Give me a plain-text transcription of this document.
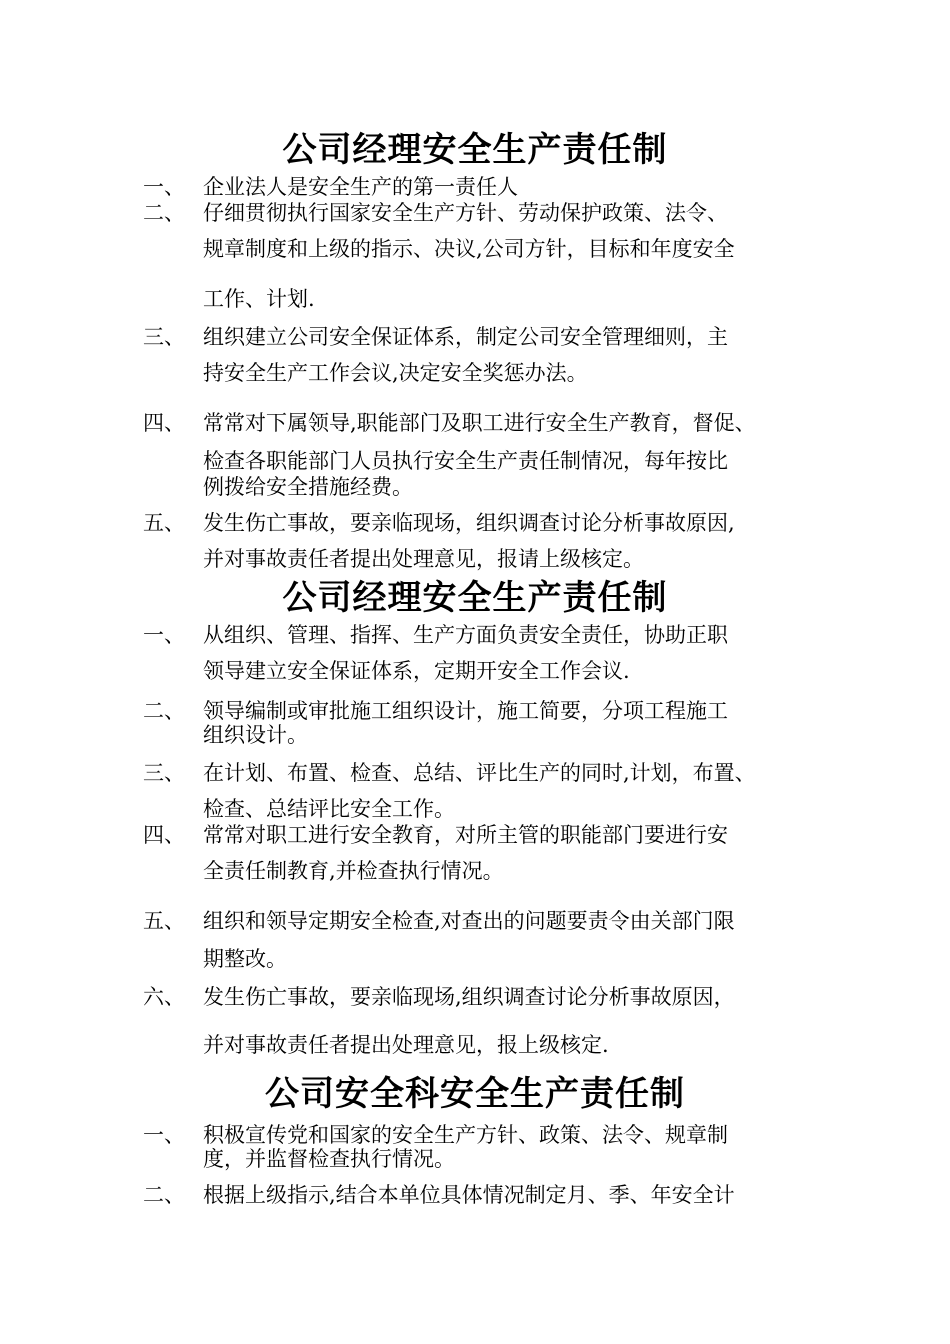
公司经理安全生产责任制
一、 企业法人是安全生产的第一责任人
二、 仔细贯彻执行国家安全生产方针、劳动保护政策、法令、
规章制度和上级的指示、决议,公司方针，目标和年度安全
工作、计划.
三、 组织建立公司安全保证体系，制定公司安全管理细则，主
持安全生产工作会议,决定安全奖惩办法。
四、 常常对下属领导,职能部门及职工进行安全生产教育，督促、
检查各职能部门人员执行安全生产责任制情况，每年按比
例拨给安全措施经费。
五、 发生伤亡事故，要亲临现场，组织调查讨论分析事故原因,
并对事故责任者提出处理意见，报请上级核定。
公司经理安全生产责任制
一、 从组织、管理、指挥、生产方面负责安全责任，协助正职
领导建立安全保证体系，定期开安全工作会议.
二、 领导编制或审批施工组织设计，施工简要，分项工程施工
组织设计。
三、 在计划、布置、检查、总结、评比生产的同时,计划，布置、
检查、总结评比安全工作。
四、 常常对职工进行安全教育，对所主管的职能部门要进行安
全责任制教育,并检查执行情况。
五、 组织和领导定期安全检查,对查出的问题要责令由关部门限
期整改。
六、 发生伤亡事故，要亲临现场,组织调查讨论分析事故原因，
并对事故责任者提出处理意见，报上级核定.
公司安全科安全生产责任制
一、 积极宣传党和国家的安全生产方针、政策、法令、规章制
度，并监督检查执行情况。
二、 根据上级指示,结合本单位具体情况制定月、季、年安全计
